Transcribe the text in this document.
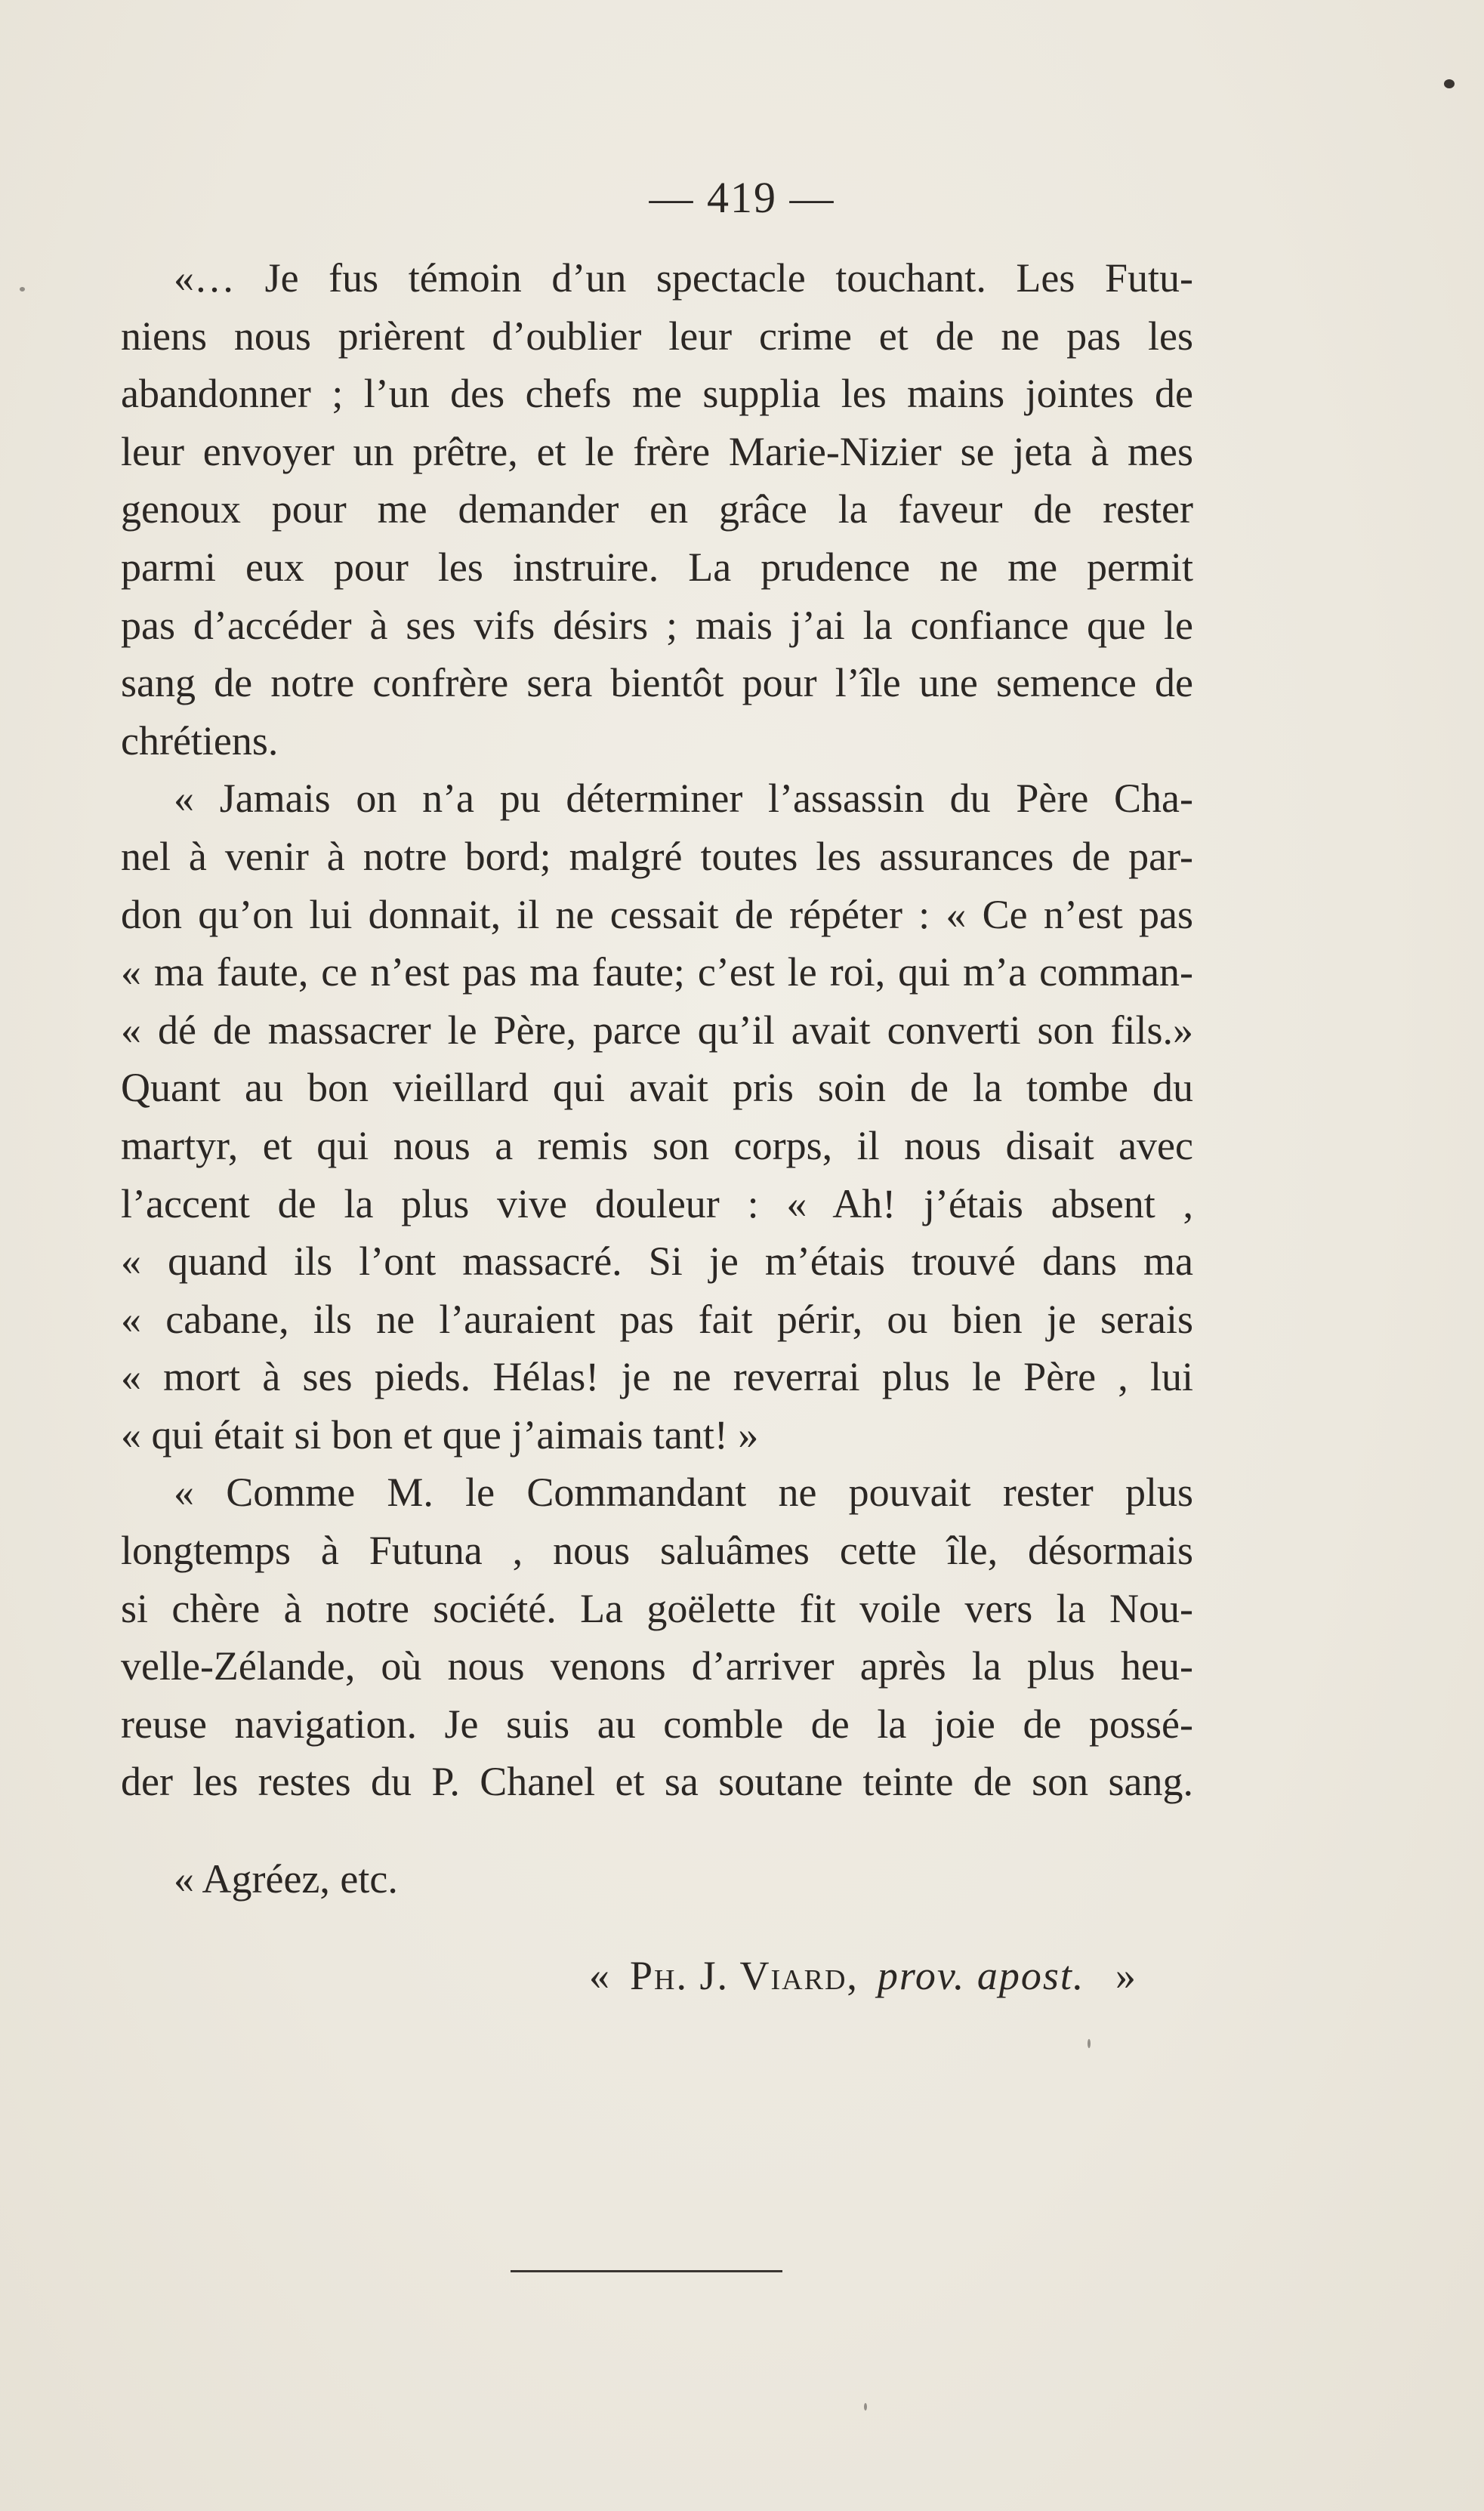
— 419 —
«… Je fus témoin d’un spectacle touchant. Les Futu-
niens nous prièrent d’oublier leur crime et de ne pas les
abandonner ; l’un des chefs me supplia les mains jointes de
leur envoyer un prêtre, et le frère Marie-Nizier se jeta à mes
genoux pour me demander en grâce la faveur de rester
parmi eux pour les instruire. La prudence ne me permit
pas d’accéder à ses vifs désirs ; mais j’ai la confiance que le
sang de notre confrère sera bientôt pour l’île une semence de
chrétiens.
« Jamais on n’a pu déterminer l’assassin du Père Cha-
nel à venir à notre bord; malgré toutes les assurances de par-
don qu’on lui donnait, il ne cessait de répéter : « Ce n’est pas
« ma faute, ce n’est pas ma faute; c’est le roi, qui m’a comman-
« dé de massacrer le Père, parce qu’il avait converti son fils.»
Quant au bon vieillard qui avait pris soin de la tombe du
martyr, et qui nous a remis son corps, il nous disait avec
l’accent de la plus vive douleur : « Ah! j’étais absent ,
« quand ils l’ont massacré. Si je m’étais trouvé dans ma
« cabane, ils ne l’auraient pas fait périr, ou bien je serais
« mort à ses pieds. Hélas! je ne reverrai plus le Père , lui
« qui était si bon et que j’aimais tant! »
« Comme M. le Commandant ne pouvait rester plus
longtemps à Futuna , nous saluâmes cette île, désormais
si chère à notre société. La goëlette fit voile vers la Nou-
velle-Zélande, où nous venons d’arriver après la plus heu-
reuse navigation. Je suis au comble de la joie de possé-
der les restes du P. Chanel et sa soutane teinte de son sang.
« Agréez, etc.
« Ph. J. Viard, prov. apost. »
